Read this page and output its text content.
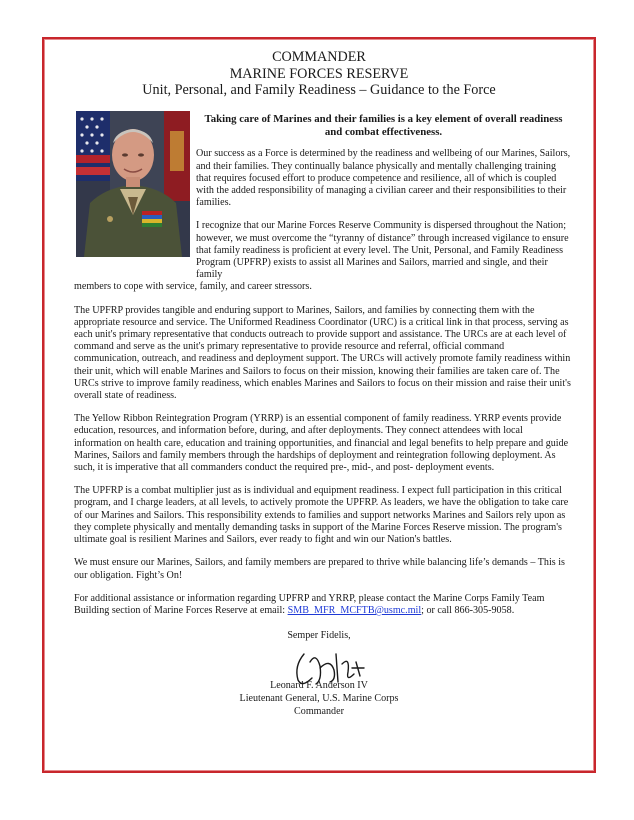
COMMANDER
MARINE FORCES RESERVE
Unit, Personal, and Family Readiness – Guidance to the Force
Taking care of Marines and their families is a key element of overall readiness and combat effectiveness.

Our success as a Force is determined by the readiness and wellbeing of our Marines, Sailors, and their families. They continually balance physically and mentally challenging training that requires focused effort to produce competence and resilience, all of which is coupled with the added responsibility of managing a civilian career and their responsibilities to their families.

I recognize that our Marine Forces Reserve Community is dispersed throughout the Nation; however, we must overcome the “tyranny of distance” through increased vigilance to ensure that family readiness is proficient at every level. The Unit, Personal, and Family Readiness Program (UPFRP) exists to assist all Marines and Sailors, married and single, and their family

members to cope with service, family, and career stressors.

The UPFRP provides tangible and enduring support to Marines, Sailors, and families by connecting them with the appropriate resource and service. The Uniformed Readiness Coordinator (URC) is a critical link in that process, serving as each unit's primary representative that conducts outreach to provide support and assistance. The URCs are at each level of command and serve as the unit's primary representative to provide resource and referral, official command communication, outreach, and readiness and deployment support. The URCs will actively promote family readiness within their unit, which will enable Marines and Sailors to focus on their mission, knowing their families are taken care of. The URCs strive to improve family readiness, which enables Marines and Sailors to focus on their mission and raise their unit's overall state of readiness.

The Yellow Ribbon Reintegration Program (YRRP) is an essential component of family readiness. YRRP events provide education, resources, and information before, during, and after deployments. They connect attendees with local information on health care, education and training opportunities, and financial and legal benefits to help prepare and guide Marines, Sailors and family members through the hardships of deployment and reintegration following deployment. As such, it is imperative that all commanders conduct the required pre-, mid-, and post- deployment events.

The UPFRP is a combat multiplier just as is individual and equipment readiness. I expect full participation in this critical program, and I charge leaders, at all levels, to actively promote the UPFRP. As leaders, we have the obligation to take care of our Marines and Sailors. This responsibility extends to families and support networks Marines and Sailors rely upon as they complete physically and mentally demanding tasks in support of the Marine Forces Reserve mission. The program's ultimate goal is resilient Marines and Sailors, ever ready to fight and win our Nation's battles.

We must ensure our Marines, Sailors, and family members are prepared to thrive while balancing life’s demands – This is our obligation. Fight’s On!

For additional assistance or information regarding UPFRP and YRRP, please contact the Marine Corps Family Team Building section of Marine Forces Reserve at email: SMB_MFR_MCFTB@usmc.mil; or call 866-305-9058.

Semper Fidelis,
Leonard F. Anderson IV
Lieutenant General, U.S. Marine Corps
Commander
